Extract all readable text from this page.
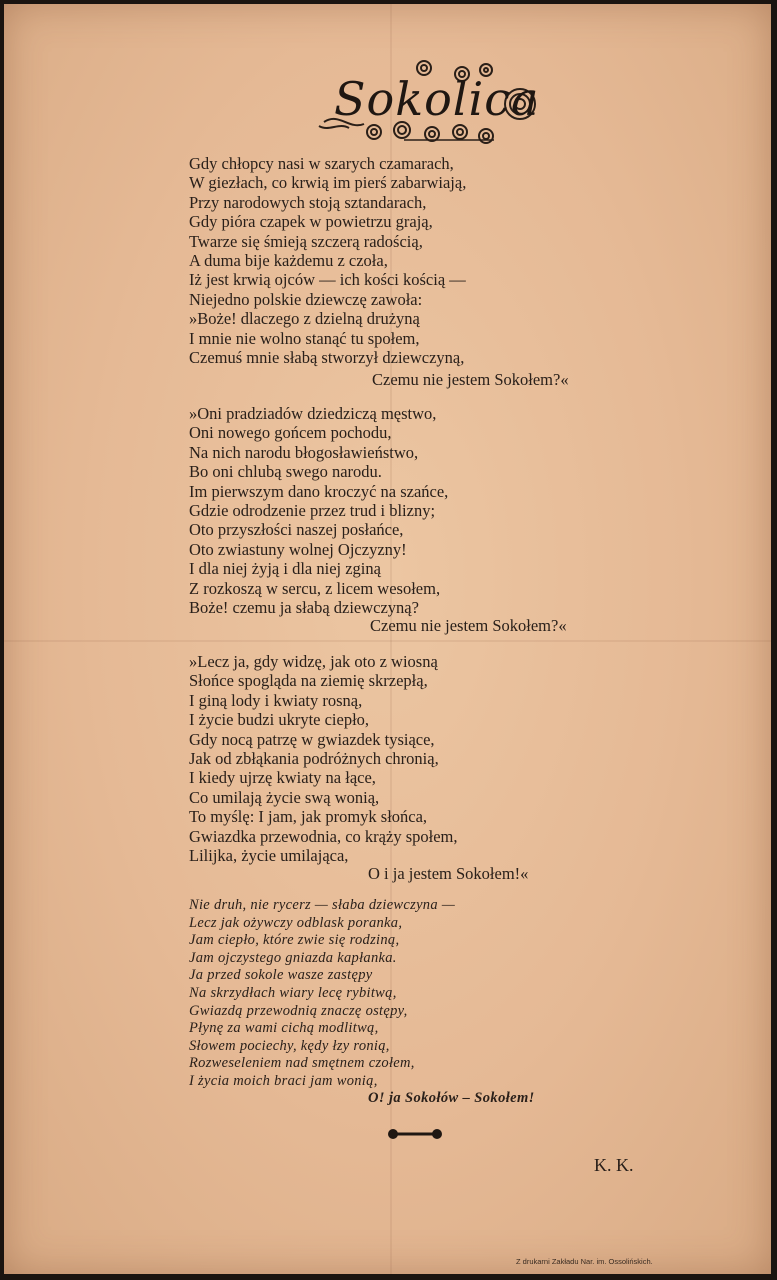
Sokolica
Gdy chłopcy nasi w szarych czamarach,
W giezłach, co krwią im pierś zabarwiają,
Przy narodowych stoją sztandarach,
Gdy pióra czapek w powietrzu grają,
Twarze się śmieją szczerą radością,
A duma bije każdemu z czoła,
Iż jest krwią ojców — ich kości kością —
Niejedno polskie dziewczę zawoła:
»Boże! dlaczego z dzielną drużyną
I mnie nie wolno stanąć tu społem,
Czemuś mnie słabą stworzył dziewczyną,
Czemu nie jestem Sokołem?«
»Oni pradziadów dziedziczą męstwo,
Oni nowego gońcem pochodu,
Na nich narodu błogosławieństwo,
Bo oni chlubą swego narodu.
Im pierwszym dano kroczyć na szańce,
Gdzie odrodzenie przez trud i blizny;
Oto przyszłości naszej posłańce,
Oto zwiastuny wolnej Ojczyzny!
I dla niej żyją i dla niej zginą
Z rozkoszą w sercu, z licem wesołem,
Boże! czemu ja słabą dziewczyną?
Czemu nie jestem Sokołem?«
»Lecz ja, gdy widzę, jak oto z wiosną
Słońce spogląda na ziemię skrzepłą,
I giną lody i kwiaty rosną,
I życie budzi ukryte ciepło,
Gdy nocą patrzę w gwiazdek tysiące,
Jak od zbłąkania podróżnych chronią,
I kiedy ujrzę kwiaty na łące,
Co umilają życie swą wonią,
To myślę: I jam, jak promyk słońca,
Gwiazdka przewodnia, co krąży społem,
Lilijka, życie umilająca,
O i ja jestem Sokołem!«
Nie druh, nie rycerz — słaba dziewczyna —
Lecz jak ożywczy odblask poranka,
Jam ciepło, które zwie się rodziną,
Jam ojczystego gniazda kapłanka.
Ja przed sokole wasze zastępy
Na skrzydłach wiary lecę rybitwą,
Gwiazdą przewodnią znaczę ostępy,
Płynę za wami cichą modlitwą,
Słowem pociechy, kędy łzy ronią,
Rozweseleniem nad smętnem czołem,
I życia moich braci jam wonią,
O! ja Sokołów – Sokołem!
K. K.
Z drukarni Zakładu Nar. im. Ossolińskich.
